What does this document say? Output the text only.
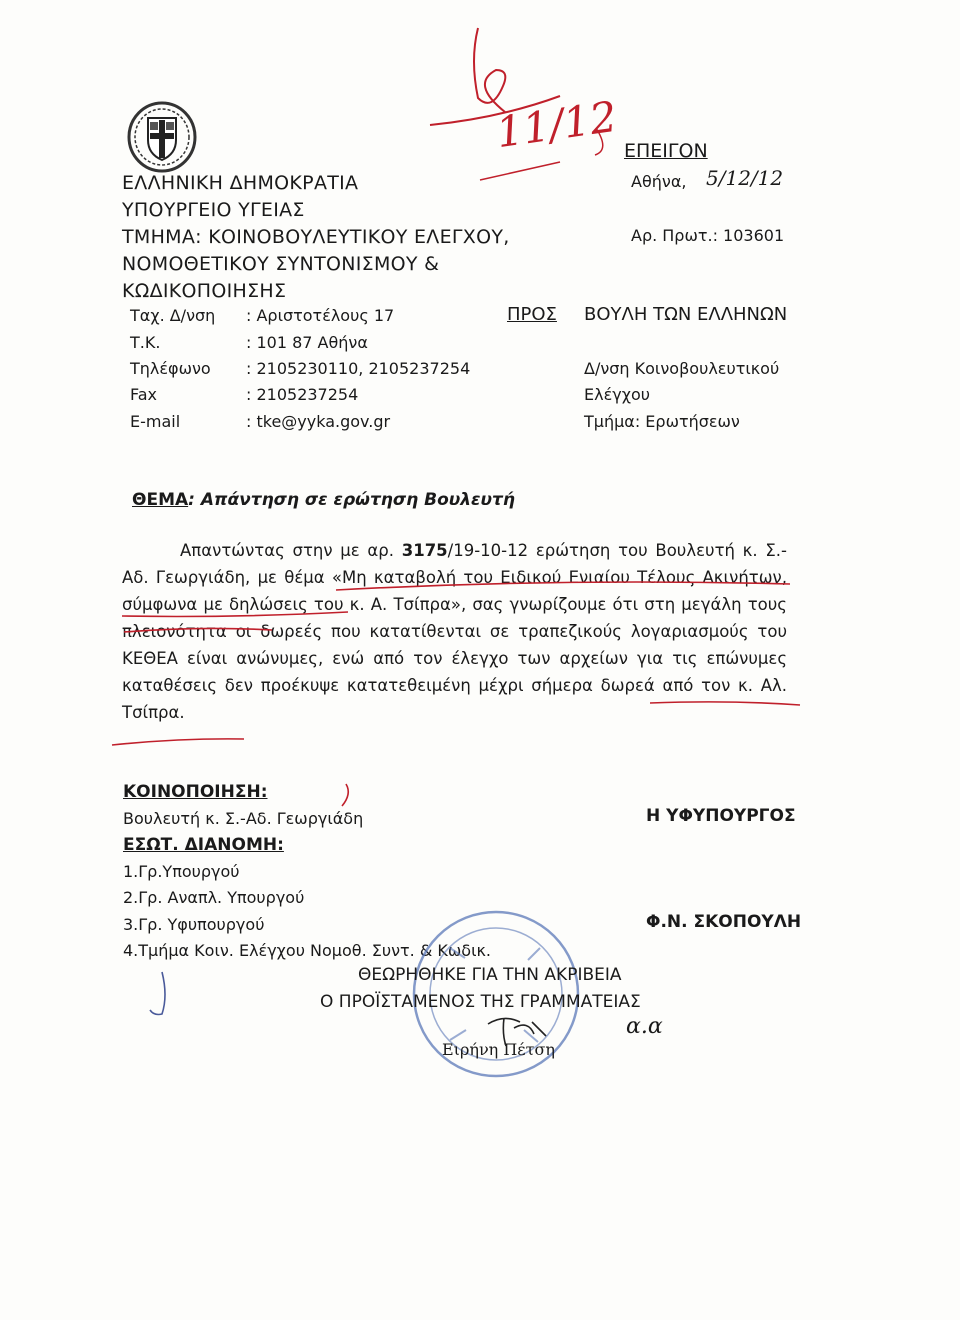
ΕΛΛΗΝΙΚΗ ΔΗΜΟΚΡΑΤΙΑ
ΥΠΟΥΡΓΕΙΟ ΥΓΕΙΑΣ
ΤΜΗΜΑ: ΚΟΙΝΟΒΟΥΛΕΥΤΙΚΟΥ ΕΛΕΓΧΟΥ,
ΝΟΜΟΘΕΤΙΚΟΥ ΣΥΝΤΟΝΙΣΜΟΥ &
ΚΩΔΙΚΟΠΟΙΗΣΗΣ
Ταχ. Δ/νση : Αριστοτέλους 17
Τ.Κ.	: 101 87 Αθήνα
Τηλέφωνο : 2105230110, 2105237254
Fax	: 2105237254
E-mail	: tke@yyka.gov.gr
ΕΠΕΙΓΟΝ
Αθήνα, 5/12/12
Αρ. Πρωτ.: 103601
ΠΡΟΣ ΒΟΥΛΗ ΤΩΝ ΕΛΛΗΝΩΝ
Δ/νση Κοινοβουλευτικού
Ελέγχου
Τμήμα: Ερωτήσεων
ΘΕΜΑ: Απάντηση σε ερώτηση Βουλευτή
Απαντώντας στην με αρ. 3175/19-10-12 ερώτηση του Βουλευτή κ. Σ.-Αδ. Γεωργιάδη, με θέμα «Μη καταβολή του Ειδικού Ενιαίου Τέλους Ακινήτων, σύμφωνα με δηλώσεις του κ. Α. Τσίπρα», σας γνωρίζουμε ότι στη μεγάλη τους πλειονότητα οι δωρεές που κατατίθενται σε τραπεζικούς λογαριασμούς του ΚΕΘΕΑ είναι ανώνυμες, ενώ από τον έλεγχο των αρχείων για τις επώνυμες καταθέσεις δεν προέκυψε κατατεθειμένη μέχρι σήμερα δωρεά από τον κ. Αλ. Τσίπρα.
11/12
ΚΟΙΝΟΠΟΙΗΣΗ:
Βουλευτή κ. Σ.-Αδ. Γεωργιάδη
ΕΣΩΤ. ΔΙΑΝΟΜΗ:
1.Γρ.Υπουργού
2.Γρ. Αναπλ. Υπουργού
3.Γρ. Υφυπουργού
4.Τμήμα Κοιν. Ελέγχου Νομοθ. Συντ. & Κωδικ.
Η ΥΦΥΠΟΥΡΓΟΣ
Φ.Ν. ΣΚΟΠΟΥΛΗ
ΘΕΩΡΗΘΗΚΕ ΓΙΑ ΤΗΝ ΑΚΡΙΒΕΙΑ
Ο ΠΡΟΪΣΤΑΜΕΝΟΣ ΤΗΣ ΓΡΑΜΜΑΤΕΙΑΣ
Ειρήνη Πέτση
α.α
